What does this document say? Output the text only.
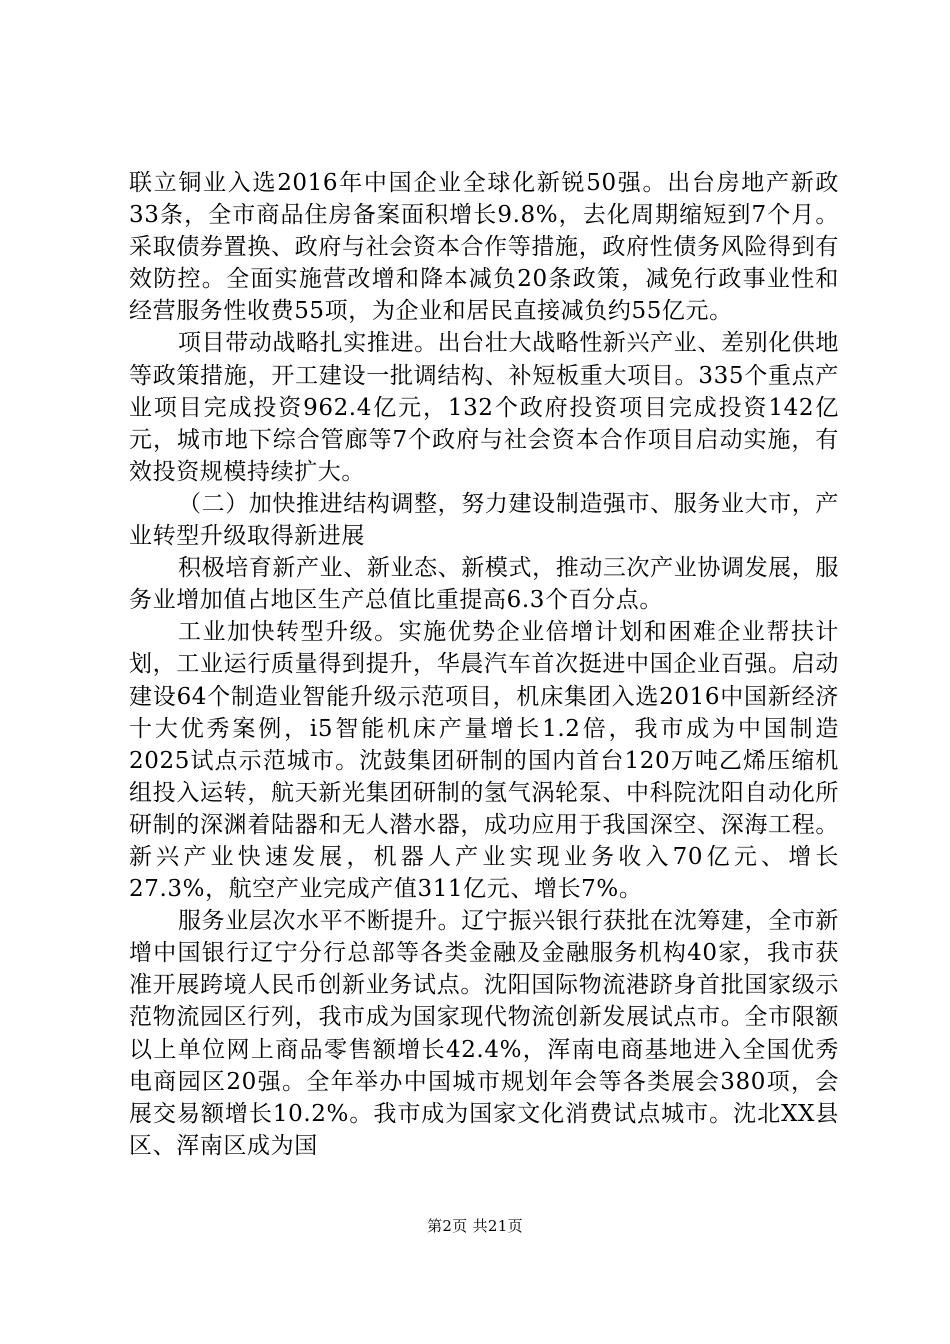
联立铜业入选2016年中国企业全球化新锐50强。出台房地产新政33条，全市商品住房备案面积增长9.8%，去化周期缩短到7个月。采取债券置换、政府与社会资本合作等措施，政府性债务风险得到有效防控。全面实施营改增和降本减负20条政策，减免行政事业性和经营服务性收费55项，为企业和居民直接减负约55亿元。

项目带动战略扎实推进。出台壮大战略性新兴产业、差别化供地等政策措施，开工建设一批调结构、补短板重大项目。335个重点产业项目完成投资962.4亿元，132个政府投资项目完成投资142亿元，城市地下综合管廊等7个政府与社会资本合作项目启动实施，有效投资规模持续扩大。

（二）加快推进结构调整，努力建设制造强市、服务业大市，产业转型升级取得新进展

积极培育新产业、新业态、新模式，推动三次产业协调发展，服务业增加值占地区生产总值比重提高6.3个百分点。

工业加快转型升级。实施优势企业倍增计划和困难企业帮扶计划，工业运行质量得到提升，华晨汽车首次挺进中国企业百强。启动建设64个制造业智能升级示范项目，机床集团入选2016中国新经济十大优秀案例，i5智能机床产量增长1.2倍，我市成为中国制造2025试点示范城市。沈鼓集团研制的国内首台120万吨乙烯压缩机组投入运转，航天新光集团研制的氢气涡轮泵、中科院沈阳自动化所研制的深渊着陆器和无人潜水器，成功应用于我国深空、深海工程。新兴产业快速发展，机器人产业实现业务收入70亿元、增长27.3%，航空产业完成产值311亿元、增长7%。

服务业层次水平不断提升。辽宁振兴银行获批在沈筹建，全市新增中国银行辽宁分行总部等各类金融及金融服务机构40家，我市获准开展跨境人民币创新业务试点。沈阳国际物流港跻身首批国家级示范物流园区行列，我市成为国家现代物流创新发展试点市。全市限额以上单位网上商品零售额增长42.4%，浑南电商基地进入全国优秀电商园区20强。全年举办中国城市规划年会等各类展会380项，会展交易额增长10.2%。我市成为国家文化消费试点城市。沈北XX县区、浑南区成为国

第2页 共21页
